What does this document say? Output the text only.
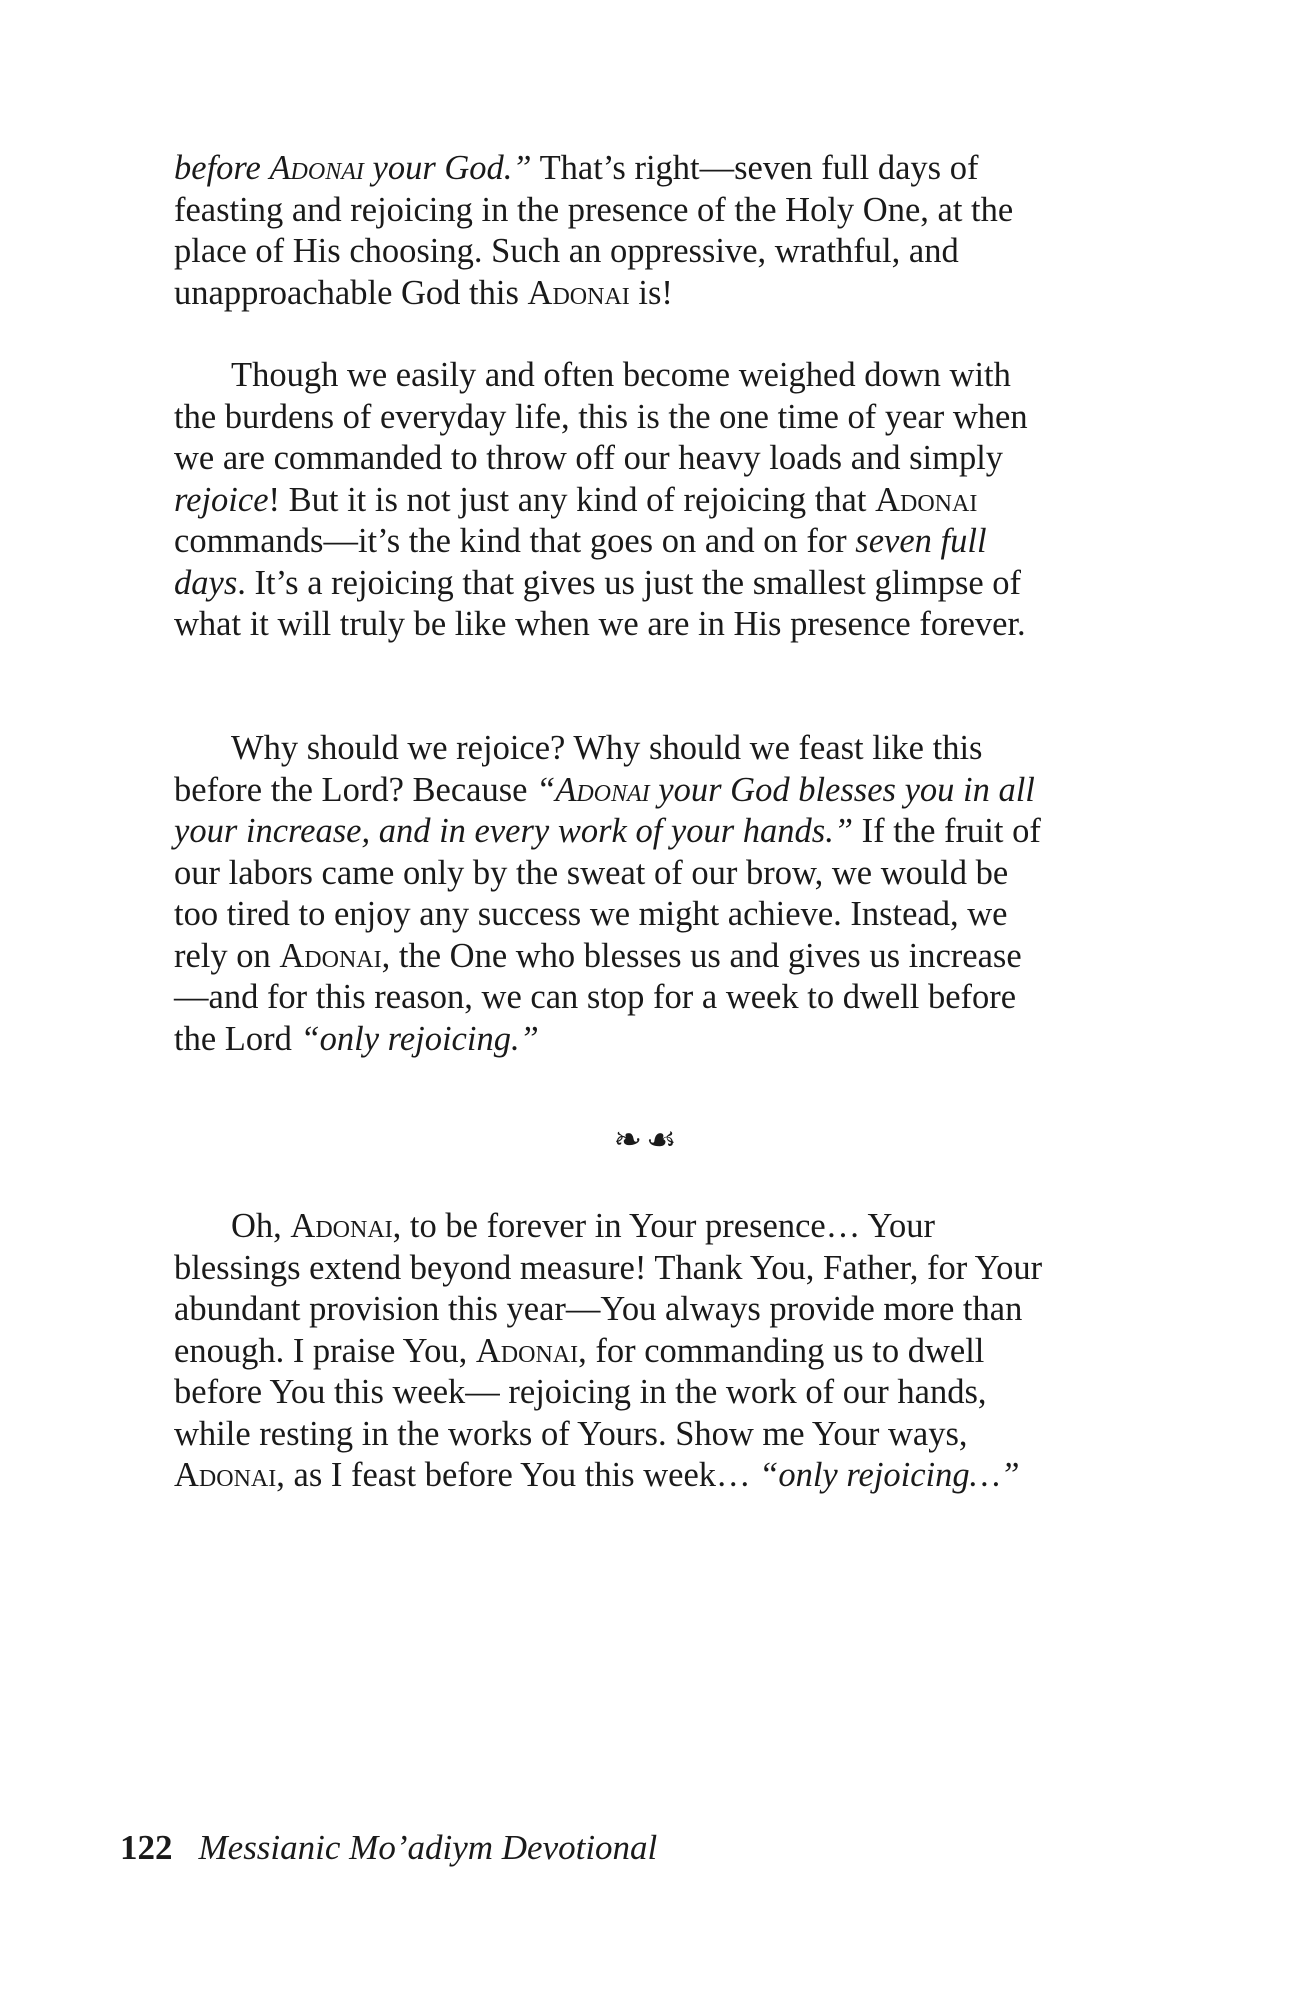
before Adonai your God.” That’s right—seven full days of feasting and rejoicing in the presence of the Holy One, at the place of His choosing. Such an oppressive, wrathful, and unapproachable God this Adonai is!

Though we easily and often become weighed down with the burdens of everyday life, this is the one time of year when we are commanded to throw off our heavy loads and simply rejoice! But it is not just any kind of rejoicing that Adonai commands—it’s the kind that goes on and on for seven full days. It’s a rejoicing that gives us just the smallest glimpse of what it will truly be like when we are in His presence forever.

Why should we rejoice? Why should we feast like this before the Lord? Because “Adonai your God blesses you in all your increase, and in every work of your hands.” If the fruit of our labors came only by the sweat of our brow, we would be too tired to enjoy any success we might achieve. Instead, we rely on Adonai, the One who blesses us and gives us increase—and for this reason, we can stop for a week to dwell before the Lord “only rejoicing.”

❧☙

Oh, Adonai, to be forever in Your presence… Your blessings extend beyond measure! Thank You, Father, for Your abundant provision this year—You always provide more than enough. I praise You, Adonai, for commanding us to dwell before You this week— rejoicing in the work of our hands, while resting in the works of Yours. Show me Your ways, Adonai, as I feast before You this week… “only rejoicing…”

122 Messianic Mo’adiym Devotional
